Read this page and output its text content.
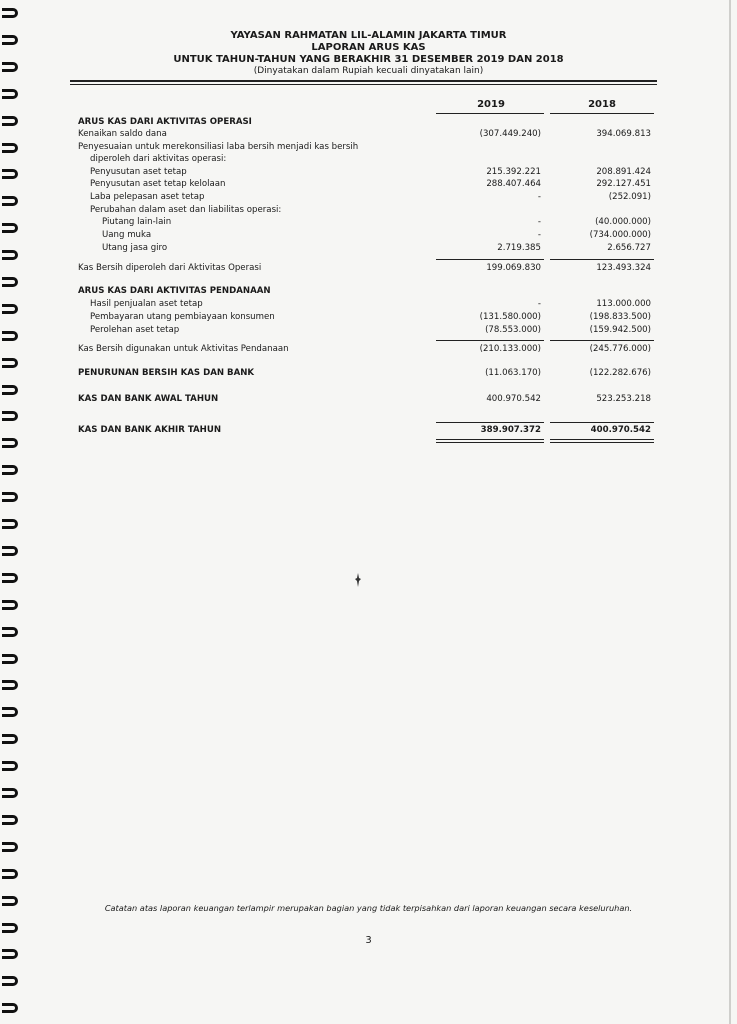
YAYASAN RAHMATAN LIL-ALAMIN JAKARTA TIMUR
LAPORAN ARUS KAS
UNTUK TAHUN-TAHUN YANG BERAKHIR 31 DESEMBER 2019 DAN 2018
(Dinyatakan dalam Rupiah kecuali dinyatakan lain)
2019	2018
ARUS KAS DARI AKTIVITAS OPERASI
Kenaikan saldo dana	(307.449.240)	394.069.813
Penyesuaian untuk merekonsiliasi laba bersih menjadi kas bersih
diperoleh dari aktivitas operasi:
Penyusutan aset tetap	215.392.221	208.891.424
Penyusutan aset tetap kelolaan	288.407.464	292.127.451
Laba pelepasan aset tetap	-	(252.091)
Perubahan dalam aset dan liabilitas operasi:
Piutang lain-lain	-	(40.000.000)
Uang muka	-	(734.000.000)
Utang jasa giro	2.719.385	2.656.727
Kas Bersih diperoleh dari Aktivitas Operasi	199.069.830	123.493.324
ARUS KAS DARI AKTIVITAS PENDANAAN
Hasil penjualan aset tetap	-	113.000.000
Pembayaran utang pembiayaan konsumen	(131.580.000)	(198.833.500)
Perolehan aset tetap	(78.553.000)	(159.942.500)
Kas Bersih digunakan untuk Aktivitas Pendanaan	(210.133.000)	(245.776.000)
PENURUNAN BERSIH KAS DAN BANK	(11.063.170)	(122.282.676)
KAS DAN BANK AWAL TAHUN	400.970.542	523.253.218
KAS DAN BANK AKHIR TAHUN	389.907.372	400.970.542
Catatan atas laporan keuangan terlampir merupakan bagian yang tidak terpisahkan dari laporan keuangan secara keseluruhan.
3
